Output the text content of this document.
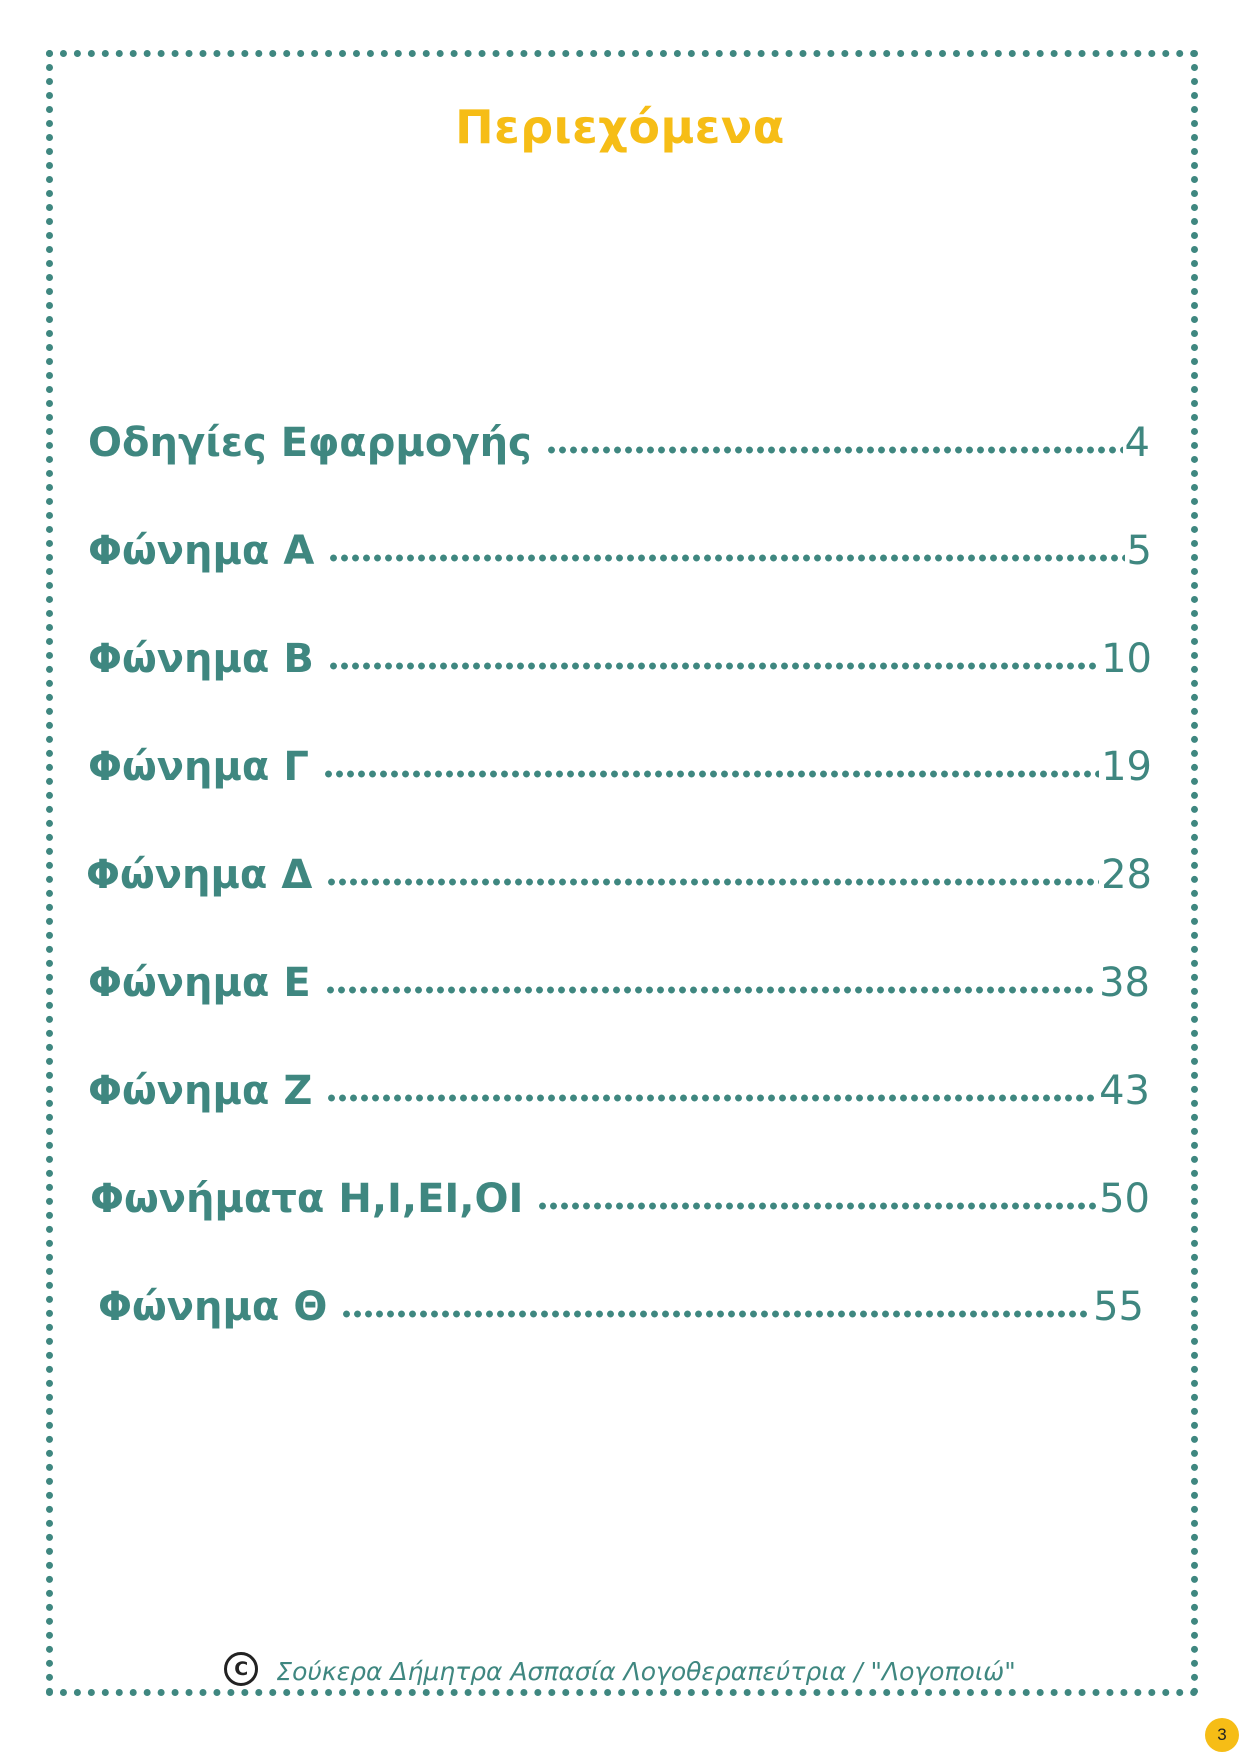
Περιεχόμενα
Οδηγίες Εφαρμογής	4
Φώνημα Α	5
Φώνημα Β	10
Φώνημα Γ	19
Φώνημα Δ	28
Φώνημα Ε	38
Φώνημα Ζ	43
Φωνήματα Η,Ι,ΕΙ,ΟΙ	50
Φώνημα Θ	55
C Σούκερα Δήμητρα Ασπασία Λογοθεραπεύτρια / "Λογοποιώ"
3
